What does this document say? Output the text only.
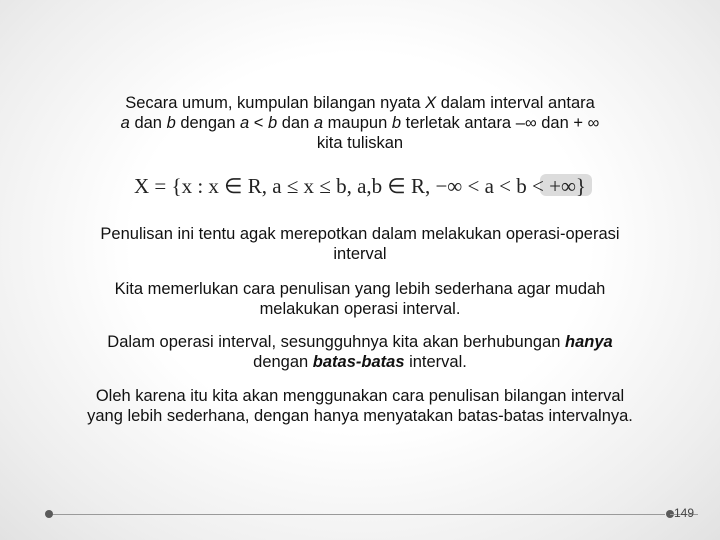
Secara umum, kumpulan bilangan nyata X dalam interval antara
a dan b dengan a < b dan a maupun b terletak antara –∞ dan + ∞
kita tuliskan
X = {x : x ∈ R, a ≤ x ≤ b, a,b ∈ R, −∞ < a < b < +∞}
Penulisan ini tentu agak merepotkan dalam melakukan operasi-operasi interval
Kita memerlukan cara penulisan yang lebih sederhana agar mudah melakukan operasi interval.
Dalam operasi interval, sesungguhnya kita akan berhubungan hanya dengan batas-batas interval.
Oleh karena itu kita akan menggunakan cara penulisan bilangan interval yang lebih sederhana, dengan hanya menyatakan batas-batas intervalnya.
149
